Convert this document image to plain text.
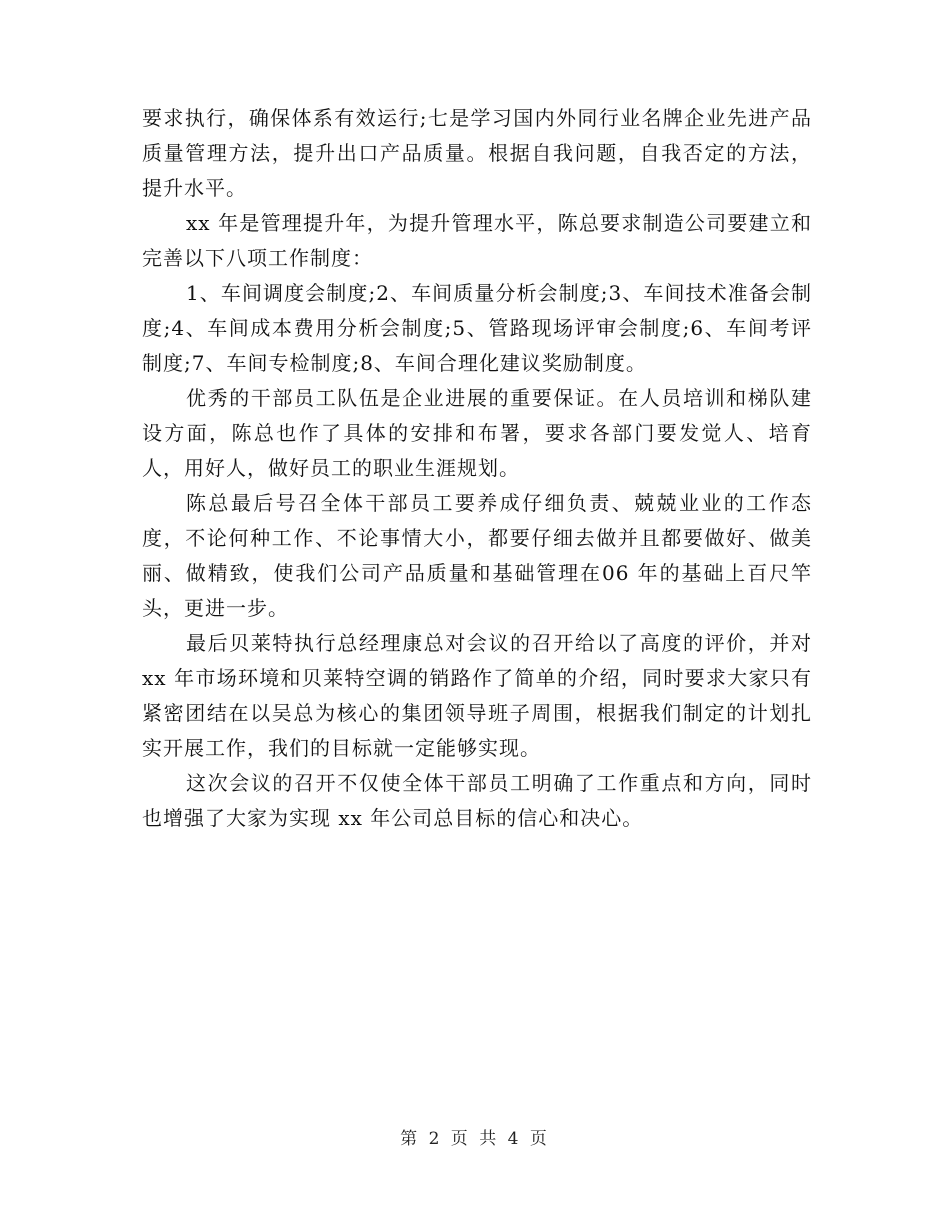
要求执行，确保体系有效运行;七是学习国内外同行业名牌企业先进产品质量管理方法，提升出口产品质量。根据自我问题，自我否定的方法，提升水平。

xx 年是管理提升年，为提升管理水平，陈总要求制造公司要建立和完善以下八项工作制度：

1、车间调度会制度;2、车间质量分析会制度;3、车间技术准备会制度;4、车间成本费用分析会制度;5、管路现场评审会制度;6、车间考评制度;7、车间专检制度;8、车间合理化建议奖励制度。

优秀的干部员工队伍是企业进展的重要保证。在人员培训和梯队建设方面，陈总也作了具体的安排和布署，要求各部门要发觉人、培育人，用好人，做好员工的职业生涯规划。

陈总最后号召全体干部员工要养成仔细负责、兢兢业业的工作态度，不论何种工作、不论事情大小，都要仔细去做并且都要做好、做美丽、做精致，使我们公司产品质量和基础管理在06 年的基础上百尺竿头，更进一步。

最后贝莱特执行总经理康总对会议的召开给以了高度的评价，并对 xx 年市场环境和贝莱特空调的销路作了简单的介绍，同时要求大家只有紧密团结在以吴总为核心的集团领导班子周围，根据我们制定的计划扎实开展工作，我们的目标就一定能够实现。

这次会议的召开不仅使全体干部员工明确了工作重点和方向，同时也增强了大家为实现 xx 年公司总目标的信心和决心。

第 2 页 共 4 页
